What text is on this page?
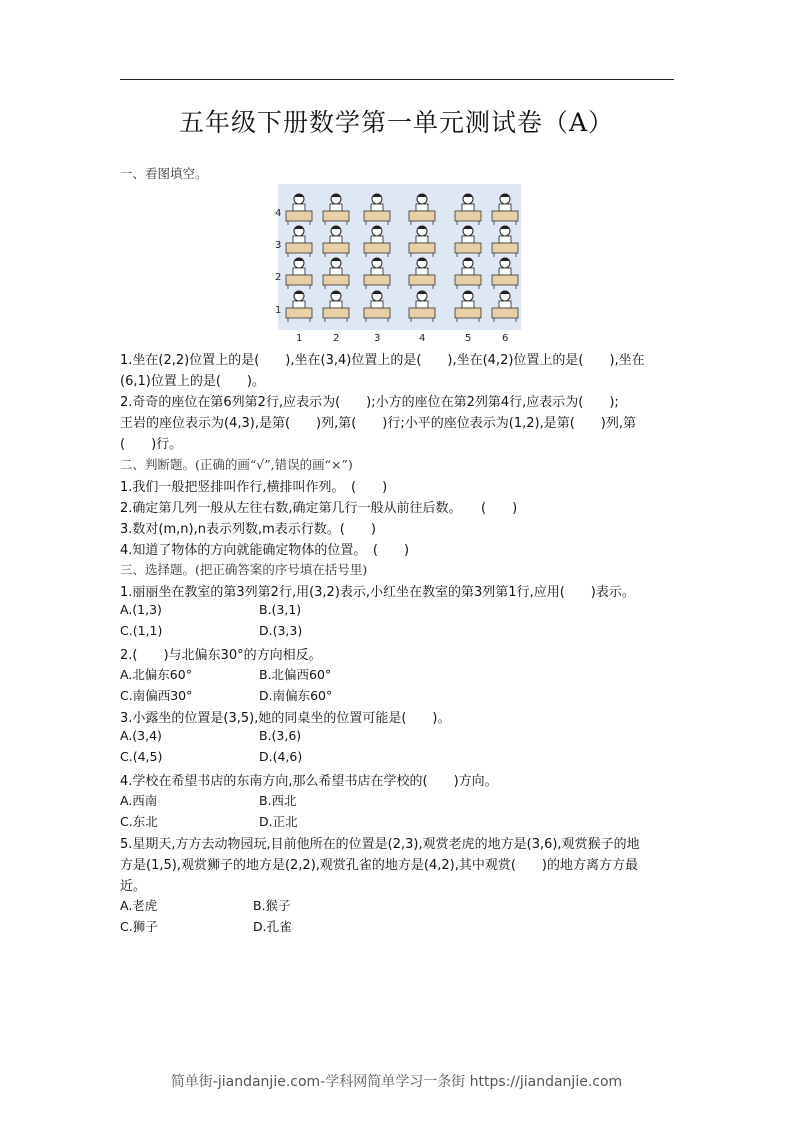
五年级下册数学第一单元测试卷（A）
一、看图填空。
4
3
2
1
1	2	3	4	5	6
1.坐在(2,2)位置上的是(　　),坐在(3,4)位置上的是(　　),坐在(4,2)位置上的是(　　),坐在
(6,1)位置上的是(　　)。
2.奇奇的座位在第6列第2行,应表示为(　　);小方的座位在第2列第4行,应表示为(　　);
王岩的座位表示为(4,3),是第(　　)列,第(　　)行;小平的座位表示为(1,2),是第(　　)列,第
(　　)行。
二、判断题。(正确的画“√”,错误的画“×”)
1.我们一般把竖排叫作行,横排叫作列。　(　　)
2.确定第几列一般从左往右数,确定第几行一般从前往后数。　　(　　)
3.数对(m,n),n表示列数,m表示行数。(　　)
4.知道了物体的方向就能确定物体的位置。　(　　)
三、选择题。(把正确答案的序号填在括号里)
1.丽丽坐在教室的第3列第2行,用(3,2)表示,小红坐在教室的第3列第1行,应用(　　)表示。
A.(1,3)	B.(3,1)
C.(1,1)	D.(3,3)
2.(　　)与北偏东30°的方向相反。
A.北偏东60°	B.北偏西60°
C.南偏西30°	D.南偏东60°
3.小露坐的位置是(3,5),她的同桌坐的位置可能是(　　)。
A.(3,4)	B.(3,6)
C.(4,5)	D.(4,6)
4.学校在希望书店的东南方向,那么希望书店在学校的(　　)方向。
A.西南	B.西北
C.东北	D.正北
5.星期天,方方去动物园玩,目前他所在的位置是(2,3),观赏老虎的地方是(3,6),观赏猴子的地
方是(1,5),观赏狮子的地方是(2,2),观赏孔雀的地方是(4,2),其中观赏(　　)的地方离方方最
近。
A.老虎	B.猴子
C.狮子	D.孔雀
简单街-jiandanjie.com-学科网简单学习一条街 https://jiandanjie.com
